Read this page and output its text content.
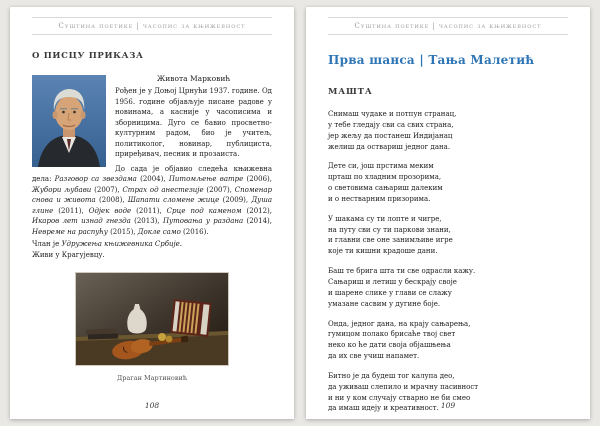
Суштина поетике | часопис за књижевност
О ПИСЦУ ПРИКАЗА
Живота Марковић
Рођен је у Доњој Црнући 1937. године. Од 1956. године објављује писане радове у новинама, а касније у часописима и зборницима. Дуго се бавио просветно-културним радом, био је учитељ, политиколог, новинар, публициста, приређивач, песник и прозаиста.
До сада је објавио следећа књижевна дела: Разговор са звездама (2004), Питомљење ватре (2006), Жубори љубави (2007), Страх од анестезије (2007), Споменар снова и живота (2008), Шапати сломене жице (2009), Душа глине (2011), Одјек воде (2011), Срце под каменом (2012), Икаров лет изнад гнезда (2013), Путовања у раздана (2014), Невреме на распућу (2015), Докле само (2016).
Члан је Удружења књижевника Србије.
Живи у Крагујевцу.
Драган Мартиновић
108
Суштина поетике | часопис за књижевност
Прва шанса | Тања Малетић
МАШТА
Снимаш чудаке и потпун странац,
у тебе гледају сви са свих страна,
јер жељу да постанеш Индијанац
желиш да оствариш једног дана.
Дете си, још прстима меким
црташ по хладним прозорима,
о световима сањариш далеким
и о нестварним призорима.
У шакама су ти лопте и чигре,
на путу сви су ти паркови знани,
и главни све оне занимљиве игре
које ти кишни крадоше дани.
Баш те брига шта ти све одрасли кажу.
Сањариш и летиш у бескрају своје
и шарене слике у глави се слажу
умазане сасвим у дугине боје.
Онда, једног дана, на крају сањарења,
гумицом полако брисаће твој свет
неко ко ће дати своја објашњења
да их све учиш напамет.
Битно је да будеш тог калупа део,
да уживаш слепило и мрачну пасивност
и ни у ком случају стварно не би смео
да имаш идеју и креативност. 109
